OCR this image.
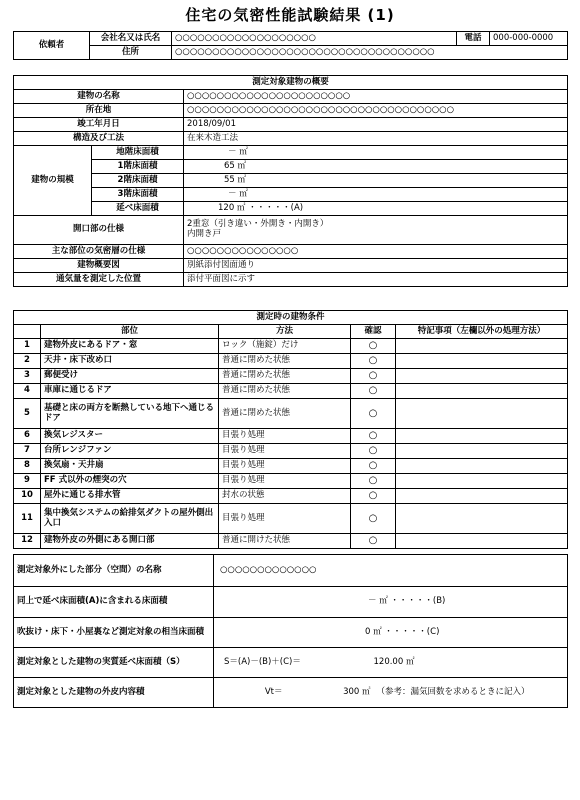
住宅の気密性能試験結果 (1)
依頼者	会社名又は氏名	○○○○○○○○○○○○○○○○○○○	電話	000-000-0000
	住所	○○○○○○○○○○○○○○○○○○○○○○○○○○○○○○○○○○○		
測定対象建物の概要		
建物の名称		○○○○○○○○○○○○○○○○○○○○○○
所在地		○○○○○○○○○○○○○○○○○○○○○○○○○○○○○○○○○○○○
竣工年月日		2018/09/01
構造及び工法		在来木造工法
建物の規模	地階床面積	－ ㎡
	1階床面積	65 ㎡
	2階床面積	55 ㎡
	3階床面積	－ ㎡
	延べ床面積	120 ㎡ ・・・・・(A)
開口部の仕様		2重窓（引き違い・外開き・内開き）
内開き戸

主な部位の気密層の仕様		○○○○○○○○○○○○○○○
建物概要図		別紙添付図面通り
通気量を測定した位置		添付平面図に示す
測定時の建物条件				
	部位	方法	確認	特記事項（左欄以外の処理方法）
1	建物外皮にあるドア・窓	ロック（施錠）だけ	○	
2	天井・床下改め口	普通に閉めた状態	○	
3	郵便受け	普通に閉めた状態	○	
4	車庫に通じるドア	普通に閉めた状態	○	
5	基礎と床の両方を断熱している地下へ通じるドア	普通に閉めた状態	○	
6	換気レジスター	目張り処理	○	
7	台所レンジファン	目張り処理	○	
8	換気扇・天井扇	目張り処理	○	
9	FF 式以外の煙突の穴	目張り処理	○	
10	屋外に通じる排水管	封水の状態	○	
11	集中換気システムの給排気ダクトの屋外側出入口	目張り処理	○	
12	建物外皮の外側にある開口部	普通に開けた状態	○	
測定対象外にした部分（空間）の名称	○○○○○○○○○○○○○		
同上で延べ床面積(A)に含まれる床面積	－ ㎡ ・・・・・(B)		
吹抜け・床下・小屋裏など測定対象の相当床面積	0 ㎡ ・・・・・(C)		
測定対象とした建物の実質延べ床面積（S）	S＝(A)－(B)＋(C)＝		120.00 ㎡
測定対象とした建物の外皮内容積	Vt＝	300 ㎥	（参考：漏気回数を求めるときに記入）
